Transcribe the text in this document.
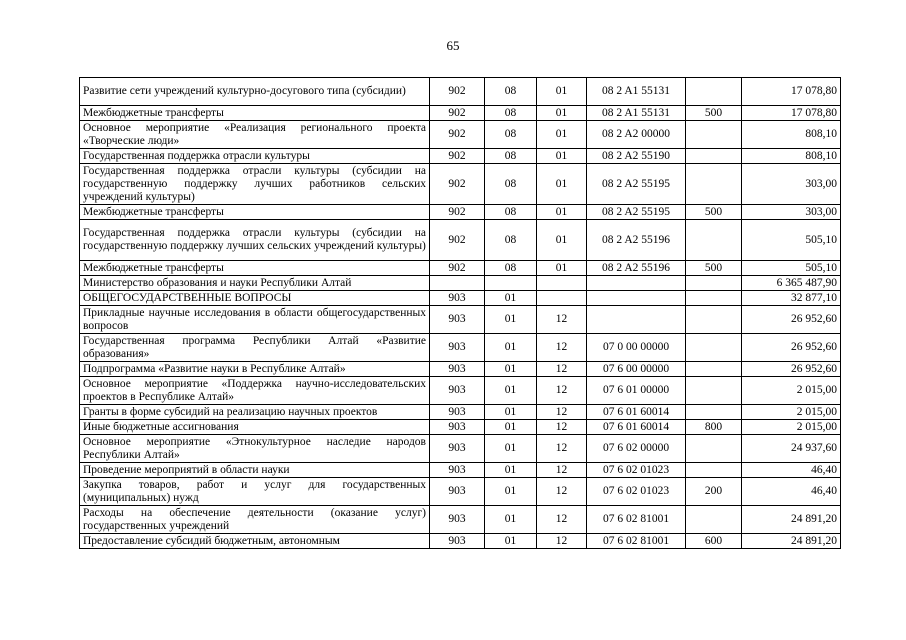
65
Развитие сети учреждений культурно-досугового типа (субсидии)	902	08	01	08 2 A1 55131		17 078,80
Межбюджетные трансферты	902	08	01	08 2 A1 55131	500	17 078,80
Основное мероприятие «Реализация регионального проекта «Творческие люди»	902	08	01	08 2 A2 00000		808,10
Государственная поддержка отрасли культуры	902	08	01	08 2 A2 55190		808,10
Государственная поддержка отрасли культуры (субсидии на государственную поддержку лучших работников сельских учреждений культуры)	902	08	01	08 2 A2 55195		303,00
Межбюджетные трансферты	902	08	01	08 2 A2 55195	500	303,00
Государственная поддержка отрасли культуры (субсидии на государственную поддержку лучших сельских учреждений культуры)	902	08	01	08 2 A2 55196		505,10
Межбюджетные трансферты	902	08	01	08 2 A2 55196	500	505,10
Министерство образования и науки Республики Алтай						6 365 487,90
ОБЩЕГОСУДАРСТВЕННЫЕ ВОПРОСЫ	903	01				32 877,10
Прикладные научные исследования в области общегосударственных вопросов	903	01	12			26 952,60
Государственная программа Республики Алтай «Развитие образования»	903	01	12	07 0 00 00000		26 952,60
Подпрограмма «Развитие науки в Республике Алтай»	903	01	12	07 6 00 00000		26 952,60
Основное мероприятие «Поддержка научно-исследовательских проектов в Республике Алтай»	903	01	12	07 6 01 00000		2 015,00
Гранты в форме субсидий на реализацию научных проектов	903	01	12	07 6 01 60014		2 015,00
Иные бюджетные ассигнования	903	01	12	07 6 01 60014	800	2 015,00
Основное мероприятие «Этнокультурное наследие народов Республики Алтай»	903	01	12	07 6 02 00000		24 937,60
Проведение мероприятий в области науки	903	01	12	07 6 02 01023		46,40
Закупка товаров, работ и услуг для государственных (муниципальных) нужд	903	01	12	07 6 02 01023	200	46,40
Расходы на обеспечение деятельности (оказание услуг) государственных учреждений	903	01	12	07 6 02 81001		24 891,20
Предоставление субсидий бюджетным, автономным	903	01	12	07 6 02 81001	600	24 891,20
